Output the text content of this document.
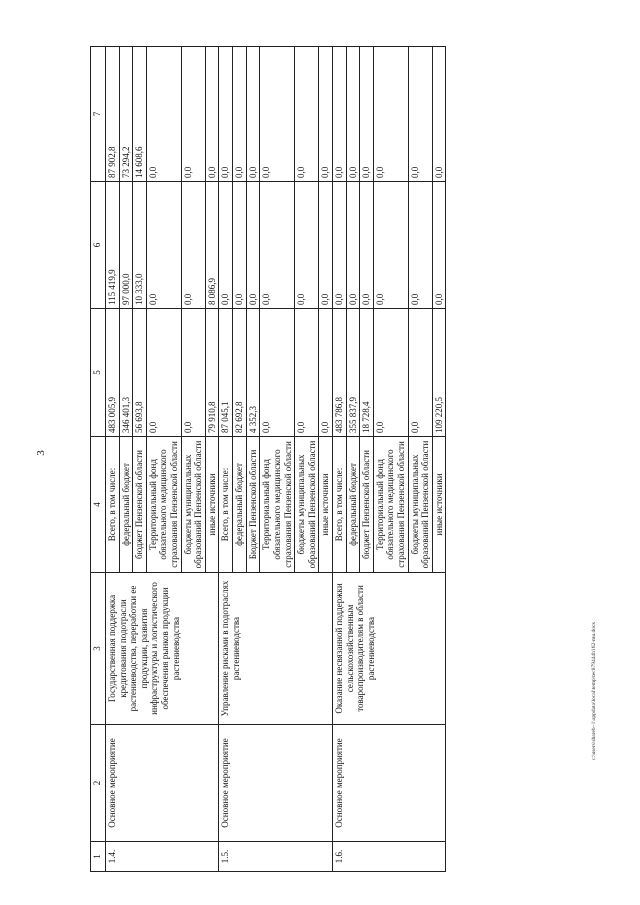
3
c:\users\shareb~1\appdata\local\temp\tec879444b162-mu.docx
1	2	3	4	5	6	7
1.4.	Основное мероприятие	Государственная поддержка кредитования подотрасли растениеводства, переработки ее продукции, развития инфраструктуры и логистического обеспечения рынков продукции растениеводства	Всего, в том числе:	483 005,9	115 419,9	87 902,8
			федеральный бюджет	346 401,3	97 000,0	73 294,2
			бюджет Пензенской области	56 693,8	10 333,0	14 608,6
			Территориальный фонд обязательного медицинского страхования Пензенской области	0,0	0,0	0,0
			бюджеты муниципальных образований Пензенской области	0,0	0,0	0,0
			иные источники	79 910,8	8 086,9	0,0
1.5.	Основное мероприятие	Управление рисками в подотраслях растениеводства	Всего, в том числе:	87 045,1	0,0	0,0
			федеральный бюджет	82 692,8	0,0	0,0
			Бюджет Пензенской области	4 352,3	0,0	0,0
			Территориальный фонд обязательного медицинского страхования Пензенской области	0,0	0,0	0,0
			бюджеты муниципальных образований Пензенской области	0,0	0,0	0,0
			иные источники	0,0	0,0	0,0
1.6.	Основное мероприятие	Оказание несвязанной поддержки сельскохозяйственным товаропроизводителям в области растениеводства	Всего, в том числе:	483 786,8	0,0	0,0
			федеральный бюджет	355 837,9	0,0	0,0
			бюджет Пензенской области	18 728,4	0,0	0,0
			Территориальный фонд обязательного медицинского страхования Пензенской области	0,0	0,0	0,0
			бюджеты муниципальных образований Пензенской области	0,0	0,0	0,0
			иные источники	109 220,5	0,0	0,0
